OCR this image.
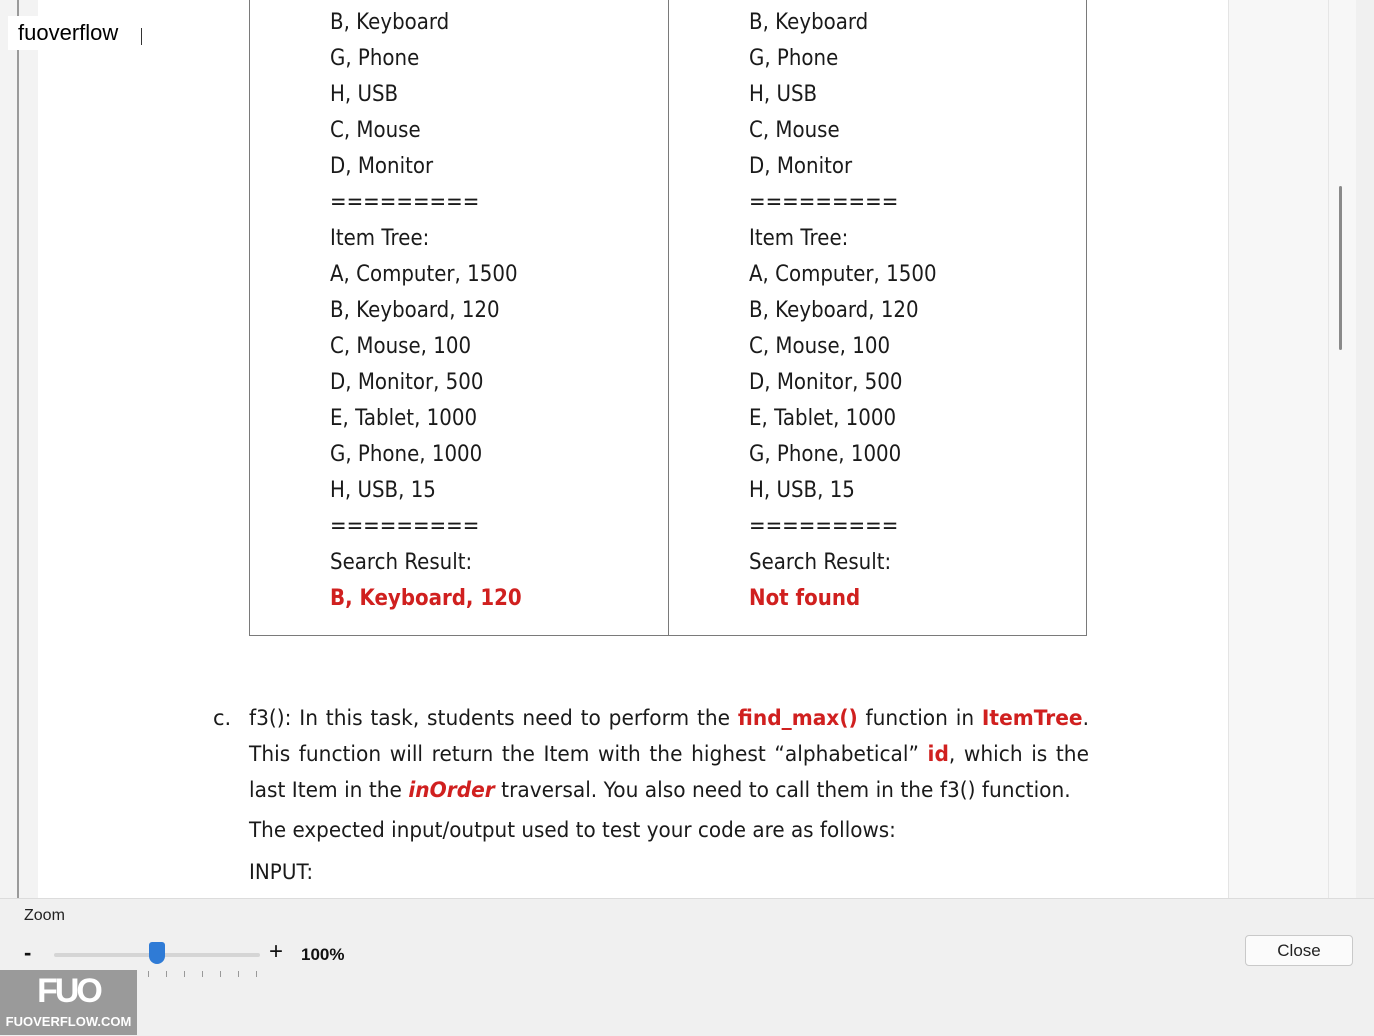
B, Keyboard
G, Phone
H, USB
C, Mouse
D, Monitor
=========
Item Tree:
A, Computer, 1500
B, Keyboard, 120
C, Mouse, 100
D, Monitor, 500
E, Tablet, 1000
G, Phone, 1000
H, USB, 15
=========
Search Result:
B, Keyboard, 120
B, Keyboard
G, Phone
H, USB
C, Mouse
D, Monitor
=========
Item Tree:
A, Computer, 1500
B, Keyboard, 120
C, Mouse, 100
D, Monitor, 500
E, Tablet, 1000
G, Phone, 1000
H, USB, 15
=========
Search Result:
Not found
c. f3(): In this task, students need to perform the find_max() function in ItemTree. This function will return the Item with the highest “alphabetical” id, which is the last Item in the inOrder traversal. You also need to call them in the f3() function.
The expected input/output used to test your code are as follows:
INPUT:
fuoverflow
Zoom
-	+ 100%	Close
FUO
FUOVERFLOW.COM
